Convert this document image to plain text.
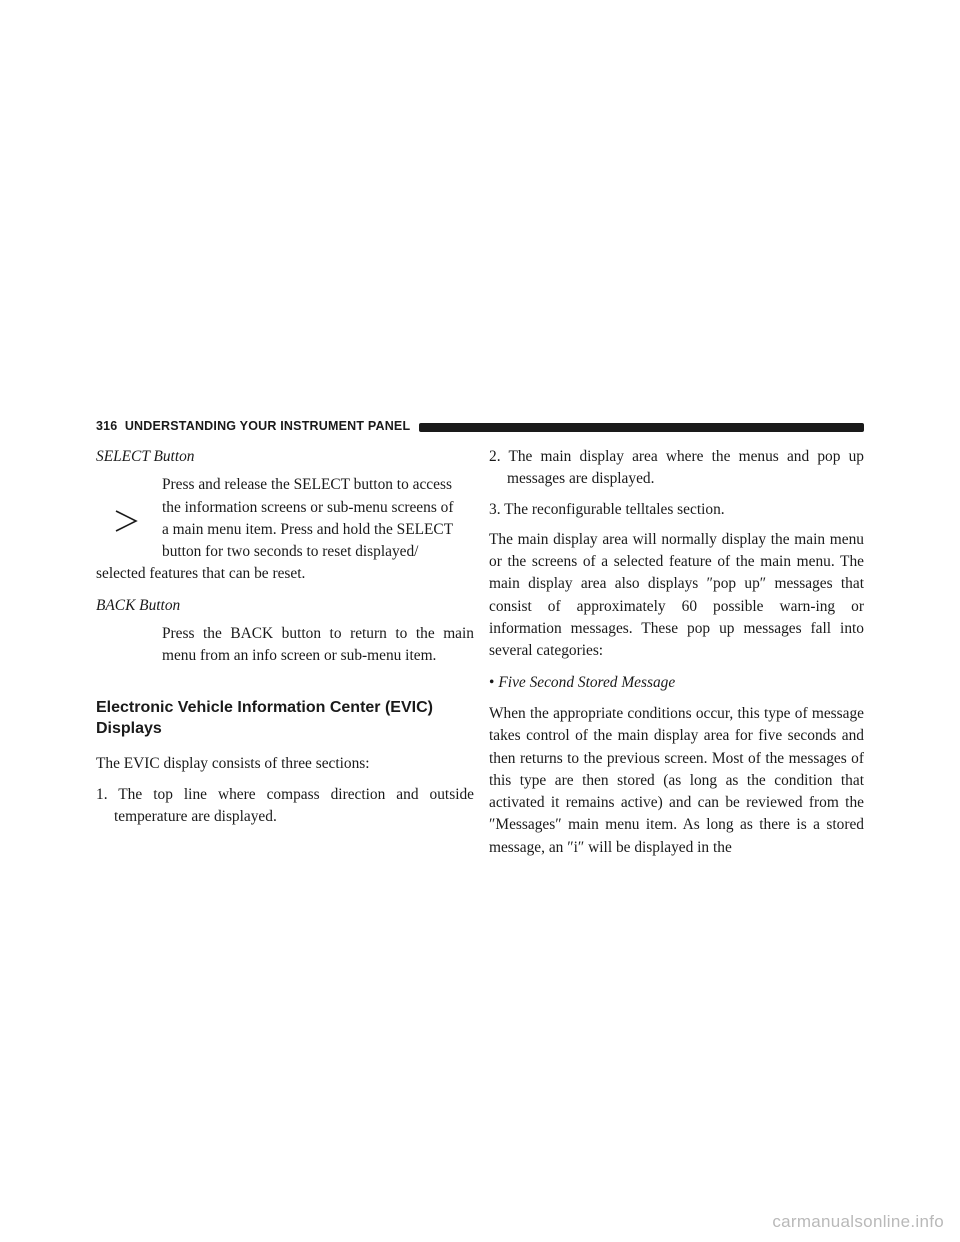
316 UNDERSTANDING YOUR INSTRUMENT PANEL

SELECT Button

Press and release the SELECT button to access
the information screens or sub-menu screens of
a main menu item. Press and hold the SELECT
button for two seconds to reset displayed/
selected features that can be reset.

BACK Button

Press the BACK button to return to the main menu from an info screen or sub-menu item.

Electronic Vehicle Information Center (EVIC)
Displays

The EVIC display consists of three sections:

1. The top line where compass direction and outside temperature are displayed.

2. The main display area where the menus and pop up messages are displayed.

3. The reconfigurable telltales section.

The main display area will normally display the main menu or the screens of a selected feature of the main menu. The main display area also displays ″pop up″ messages that consist of approximately 60 possible warn-ing or information messages. These pop up messages fall into several categories:

• Five Second Stored Message

When the appropriate conditions occur, this type of message takes control of the main display area for five seconds and then returns to the previous screen. Most of the messages of this type are then stored (as long as the condition that activated it remains active) and can be reviewed from the ″Messages″ main menu item. As long as there is a stored message, an ″i″ will be displayed in the

carmanualsonline.info
